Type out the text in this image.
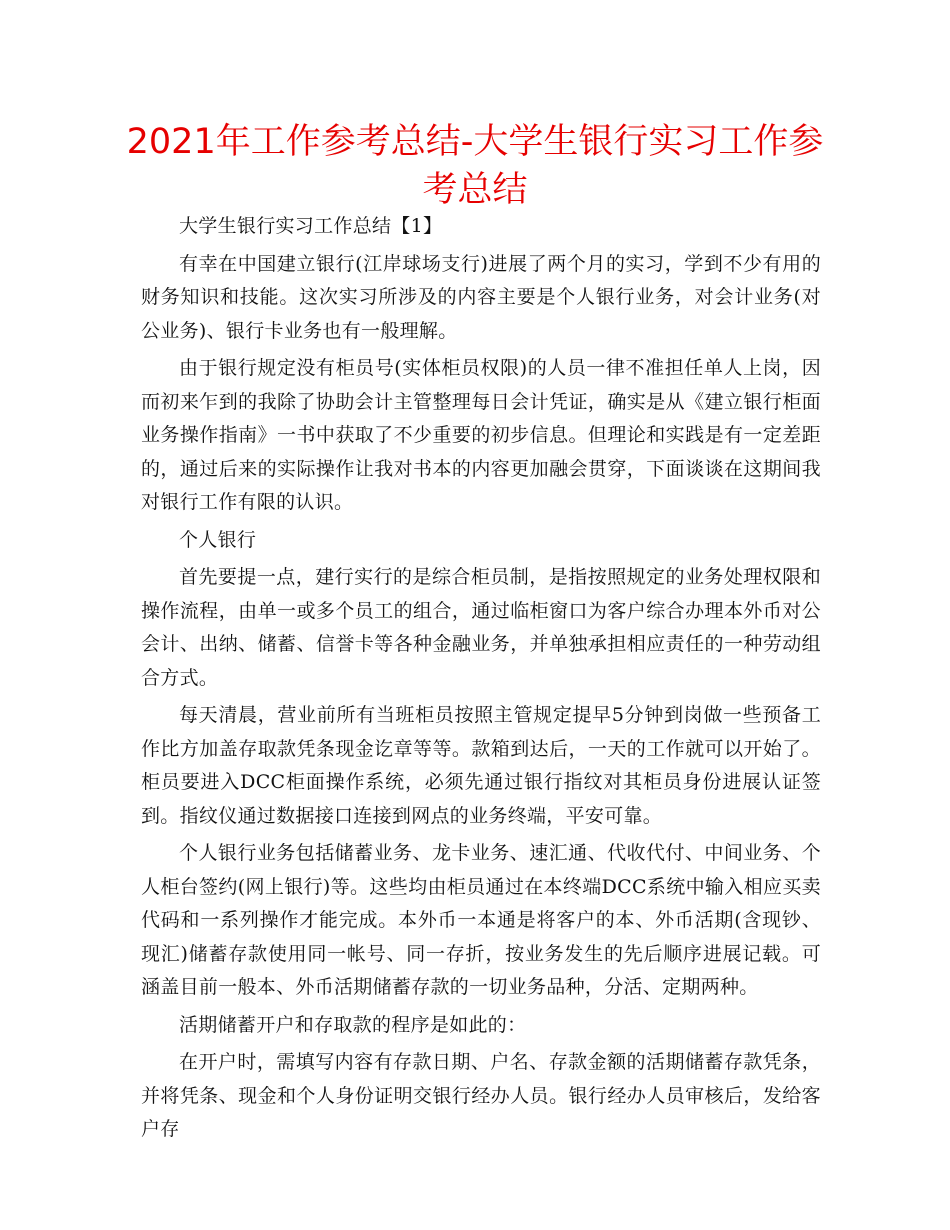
2021年工作参考总结-大学生银行实习工作参考总结

大学生银行实习工作总结【1】

有幸在中国建立银行(江岸球场支行)进展了两个月的实习，学到不少有用的财务知识和技能。这次实习所涉及的内容主要是个人银行业务，对会计业务(对公业务)、银行卡业务也有一般理解。

由于银行规定没有柜员号(实体柜员权限)的人员一律不准担任单人上岗，因而初来乍到的我除了协助会计主管整理每日会计凭证，确实是从《建立银行柜面业务操作指南》一书中获取了不少重要的初步信息。但理论和实践是有一定差距的，通过后来的实际操作让我对书本的内容更加融会贯穿，下面谈谈在这期间我对银行工作有限的认识。

个人银行

首先要提一点，建行实行的是综合柜员制，是指按照规定的业务处理权限和操作流程，由单一或多个员工的组合，通过临柜窗口为客户综合办理本外币对公会计、出纳、储蓄、信誉卡等各种金融业务，并单独承担相应责任的一种劳动组合方式。

每天清晨，营业前所有当班柜员按照主管规定提早5分钟到岗做一些预备工作比方加盖存取款凭条现金讫章等等。款箱到达后，一天的工作就可以开始了。柜员要进入DCC柜面操作系统，必须先通过银行指纹对其柜员身份进展认证签到。指纹仪通过数据接口连接到网点的业务终端，平安可靠。

个人银行业务包括储蓄业务、龙卡业务、速汇通、代收代付、中间业务、个人柜台签约(网上银行)等。这些均由柜员通过在本终端DCC系统中输入相应买卖代码和一系列操作才能完成。本外币一本通是将客户的本、外币活期(含现钞、现汇)储蓄存款使用同一帐号、同一存折，按业务发生的先后顺序进展记载。可涵盖目前一般本、外币活期储蓄存款的一切业务品种，分活、定期两种。

活期储蓄开户和存取款的程序是如此的：

在开户时，需填写内容有存款日期、户名、存款金额的活期储蓄存款凭条，并将凭条、现金和个人身份证明交银行经办人员。银行经办人员审核后，发给客户存
